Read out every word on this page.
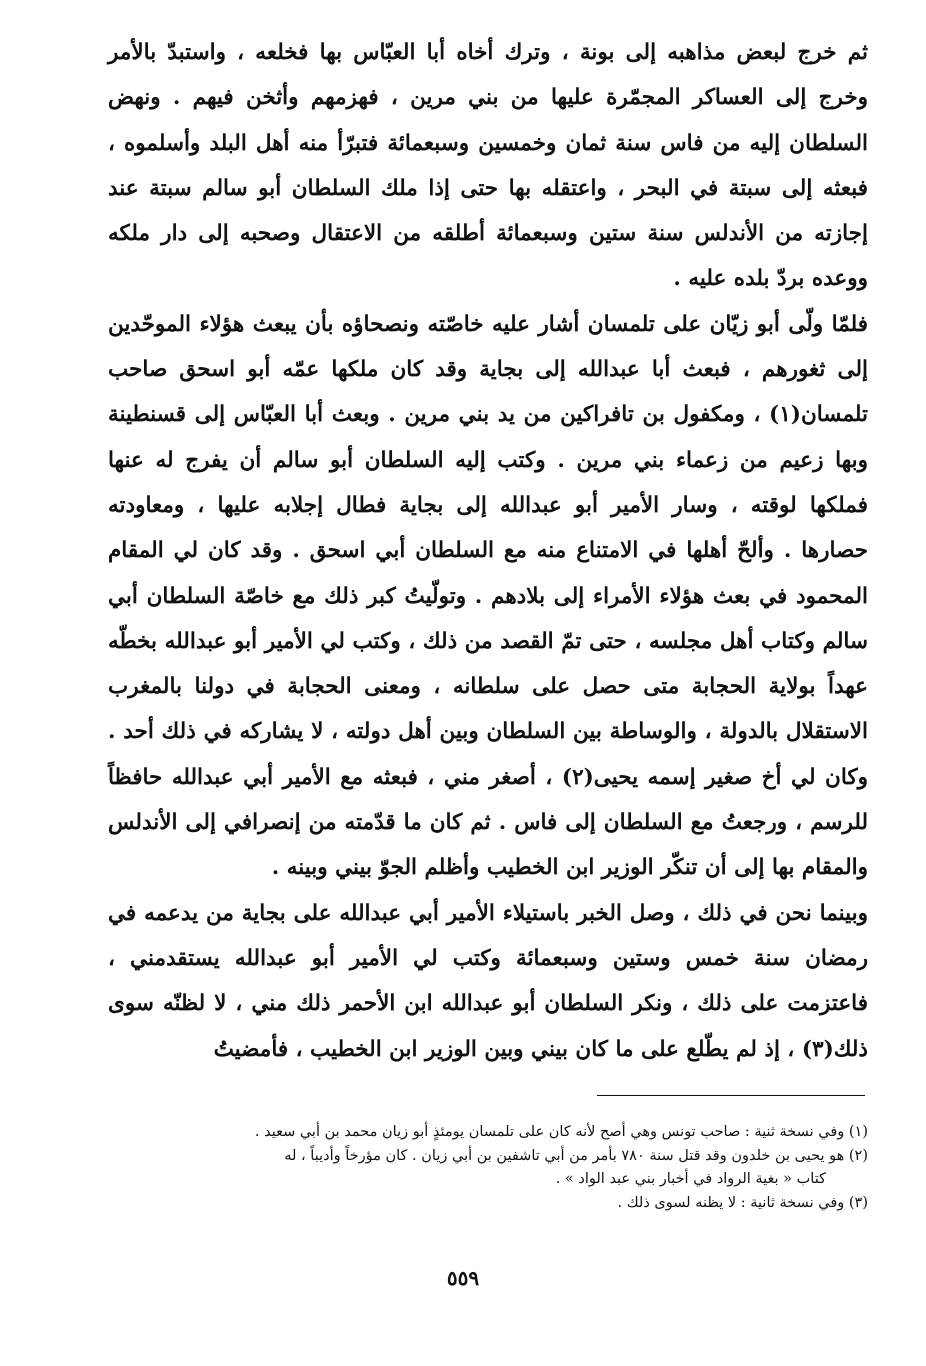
ثم خرج لبعض مذاهبه إلى بونة ، وترك أخاه أبا العبّاس بها فخلعه ، واستبدّ بالأمر وخرج إلى العساكر المجمّرة عليها من بني مرين ، فهزمهم وأثخن فيهم . ونهض السلطان إليه من فاس سنة ثمان وخمسين وسبعمائة فتبرّأ منه أهل البلد وأسلموه ، فبعثه إلى سبتة في البحر ، واعتقله بها حتى إذا ملك السلطان أبو سالم سبتة عند إجازته من الأندلس سنة ستين وسبعمائة أطلقه من الاعتقال وصحبه إلى دار ملكه ووعده بردّ بلده عليه .

فلمّا ولّى أبو زيّان على تلمسان أشار عليه خاصّته ونصحاؤه بأن يبعث هؤلاء الموحّدين إلى ثغورهم ، فبعث أبا عبدالله إلى بجاية وقد كان ملكها عمّه أبو اسحق صاحب تلمسان(١) ، ومكفول بن تافراكين من يد بني مرين . وبعث أبا العبّاس إلى قسنطينة وبها زعيم من زعماء بني مرين . وكتب إليه السلطان أبو سالم أن يفرج له عنها فملكها لوقته ، وسار الأمير أبو عبدالله إلى بجاية فطال إجلابه عليها ، ومعاودته حصارها . وألحّ أهلها في الامتناع منه مع السلطان أبي اسحق . وقد كان لي المقام المحمود في بعث هؤلاء الأمراء إلى بلادهم . وتولّيتُ كبر ذلك مع خاصّة السلطان أبي سالم وكتاب أهل مجلسه ، حتى تمّ القصد من ذلك ، وكتب لي الأمير أبو عبدالله بخطّه عهداً بولاية الحجابة متى حصل على سلطانه ، ومعنى الحجابة في دولنا بالمغرب الاستقلال بالدولة ، والوساطة بين السلطان وبين أهل دولته ، لا يشاركه في ذلك أحد . وكان لي أخ صغير إسمه يحيى(٢) ، أصغر مني ، فبعثه مع الأمير أبي عبدالله حافظاً للرسم ، ورجعتُ مع السلطان إلى فاس . ثم كان ما قدّمته من إنصرافي إلى الأندلس والمقام بها إلى أن تنكّر الوزير ابن الخطيب وأظلم الجوّ بيني وبينه .

وبينما نحن في ذلك ، وصل الخبر باستيلاء الأمير أبي عبدالله على بجاية من يدعمه في رمضان سنة خمس وستين وسبعمائة وكتب لي الأمير أبو عبدالله يستقدمني ، فاعتزمت على ذلك ، ونكر السلطان أبو عبدالله ابن الأحمر ذلك مني ، لا لظنّه سوى ذلك(٣) ، إذ لم يطّلع على ما كان بيني وبين الوزير ابن الخطيب ، فأمضيتُ

(١) وفي نسخة ثنية : صاحب تونس وهي أصح لأنه كان على تلمسان يومئذٍ أبو زيان محمد بن أبي سعيد .

(٢) هو يحيى بن خلدون وقد قتل سنة ٧٨٠ بأمر من أبي تاشفين بن أبي زيان . كان مؤرخاً وأديباً ، له

كتاب « بغية الرواد في أخبار بني عبد الواد » .

(٣) وفي نسخة ثانية : لا يظنه لسوى ذلك .

٥٥٩
